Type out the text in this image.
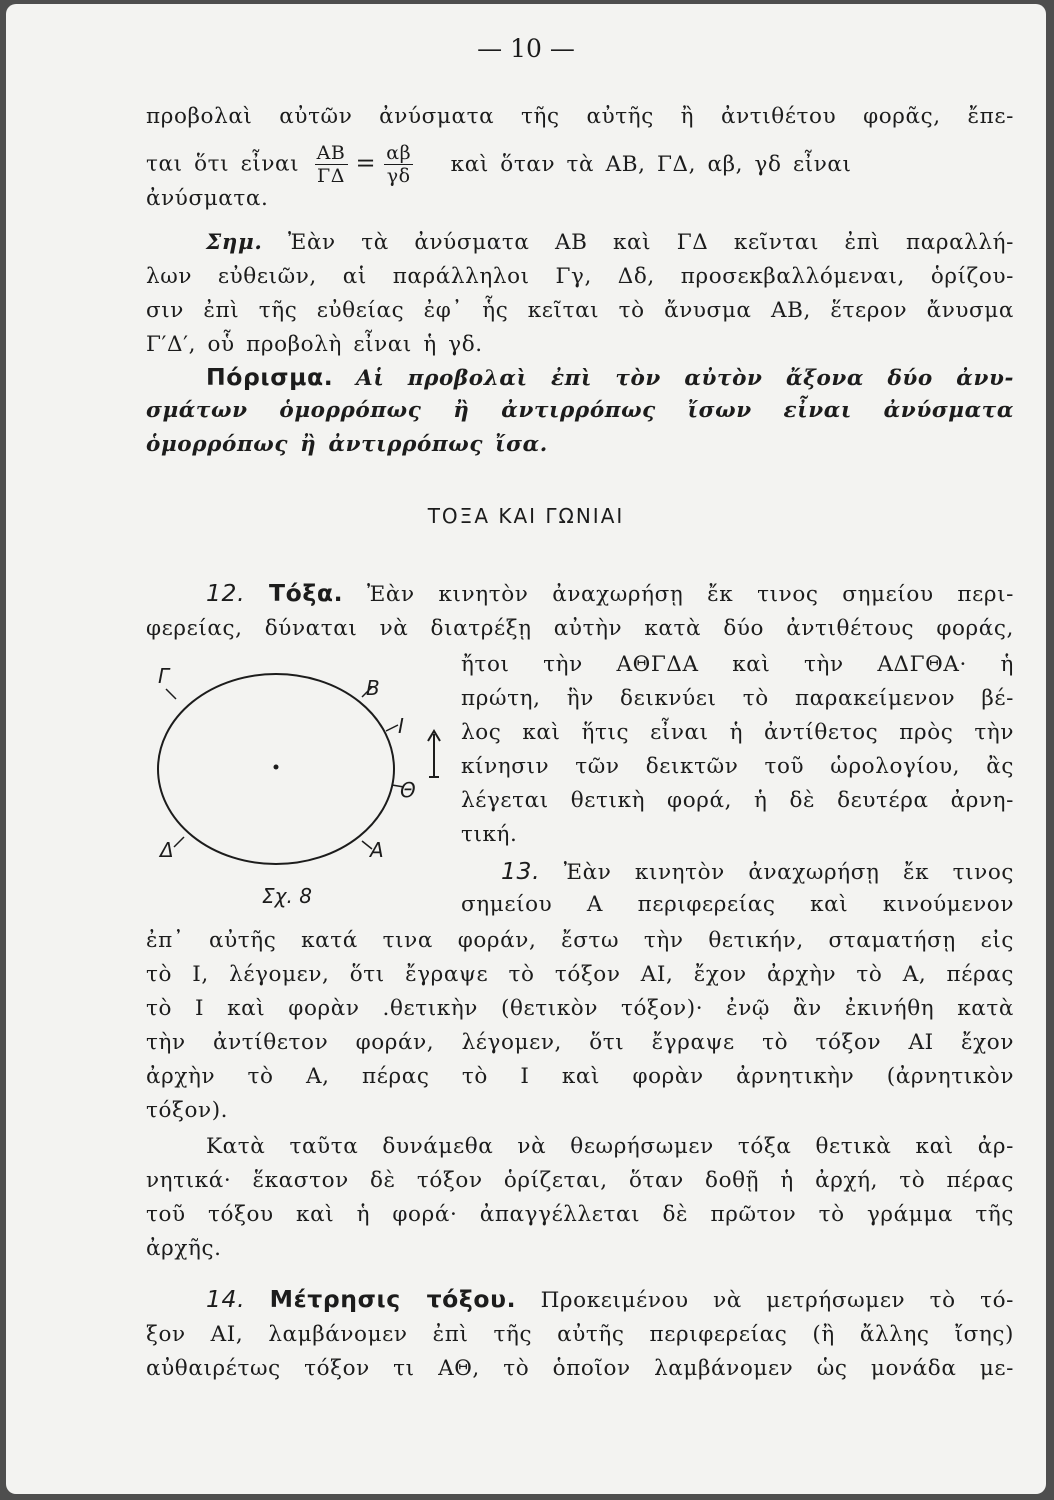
— 10 —
προβολαὶ αὐτῶν ἀνύσματα τῆς αὐτῆς ἢ ἀντιθέτου φορᾶς, ἔπε-
ται ὅτι εἶναι $\frac{AB}{\Gamma\Delta} = \frac{\alpha\beta}{\gamma\delta}$ καὶ ὅταν τὰ ΑΒ, ΓΔ, αβ, γδ εἶναι
ἀνύσματα.
Σημ. Ἐὰν τὰ ἀνύσματα ΑΒ καὶ ΓΔ κεῖνται ἐπὶ παραλλή-
λων εὐθειῶν, αἱ παράλληλοι Γγ, Δδ, προσεκβαλλόμεναι, ὁρίζου-
σιν ἐπὶ τῆς εὐθείας ἐφ᾽ ἧς κεῖται τὸ ἄνυσμα ΑΒ, ἕτερον ἄνυσμα
Γ′Δ′, οὗ προβολὴ εἶναι ἡ γδ.
Πόρισμα. Αἱ προβολαὶ ἐπὶ τὸν αὐτὸν ἄξονα δύο ἀνυ-
σμάτων ὁμορρόπως ἢ ἀντιρρόπως ἴσων εἶναι ἀνύσματα
ὁμορρόπως ἢ ἀντιρρόπως ἴσα.
ΤΟΞΑ ΚΑΙ ΓΩΝΙΑΙ
12. Τόξα. Ἐὰν κινητὸν ἀναχωρήσῃ ἔκ τινος σημείου περι-
φερείας, δύναται νὰ διατρέξῃ αὐτὴν κατὰ δύο ἀντιθέτους φοράς,
ἤτοι τὴν ΑΘΓΔΑ καὶ τὴν ΑΔΓΘΑ· ἡ
πρώτη, ἣν δεικνύει τὸ παρακείμενον βέ-
λος καὶ ἥτις εἶναι ἡ ἀντίθετος πρὸς τὴν
κίνησιν τῶν δεικτῶν τοῦ ὡρολογίου, ἂς
λέγεται θετικὴ φορά, ἡ δὲ δευτέρα ἀρνη-
τική.
13. Ἐὰν κινητὸν ἀναχωρήσῃ ἔκ τινος
σημείου Α περιφερείας καὶ κινούμενον
ἐπ᾽ αὐτῆς κατά τινα φοράν, ἔστω τὴν θετικήν, σταματήσῃ εἰς
τὸ Ι, λέγομεν, ὅτι ἔγραψε τὸ τόξον ΑΙ, ἔχον ἀρχὴν τὸ Α, πέρας
τὸ Ι καὶ φορὰν .θετικὴν (θετικὸν τόξον)· ἐνῷ ἂν ἐκινήθη κατὰ
τὴν ἀντίθετον φοράν, λέγομεν, ὅτι ἔγραψε τὸ τόξον ΑΙ ἔχον
ἀρχὴν τὸ Α, πέρας τὸ Ι καὶ φορὰν ἀρνητικὴν (ἀρνητικὸν
τόξον).
Κατὰ ταῦτα δυνάμεθα νὰ θεωρήσωμεν τόξα θετικὰ καὶ ἀρ-
νητικά· ἕκαστον δὲ τόξον ὁρίζεται, ὅταν δοθῇ ἡ ἀρχή, τὸ πέρας
τοῦ τόξου καὶ ἡ φορά· ἀπαγγέλλεται δὲ πρῶτον τὸ γράμμα τῆς
ἀρχῆς.
14. Μέτρησις τόξου. Προκειμένου νὰ μετρήσωμεν τὸ τό-
ξον ΑΙ, λαμβάνομεν ἐπὶ τῆς αὐτῆς περιφερείας (ἢ ἄλλης ἴσης)
αὐθαιρέτως τόξον τι ΑΘ, τὸ ὁποῖον λαμβάνομεν ὡς μονάδα με-
Γ	Β
Ι
Θ
Α
Δ
Σχ. 8
